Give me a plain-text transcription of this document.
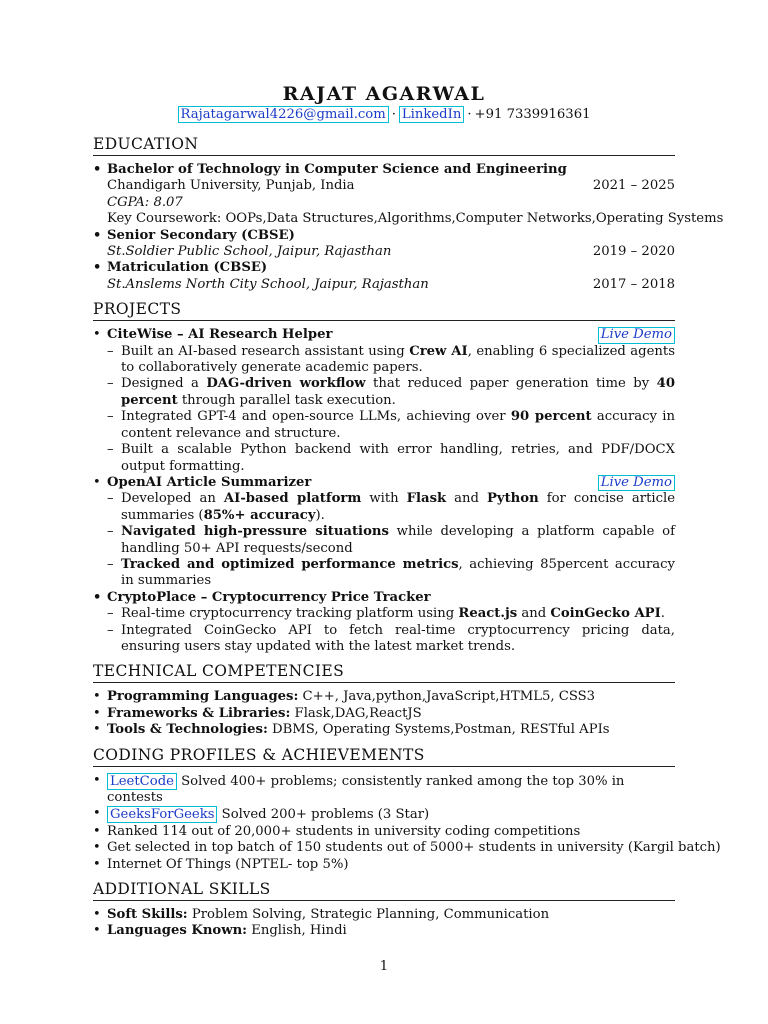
RAJAT AGARWAL
Rajatagarwal4226@gmail.com · LinkedIn · +91 7339916361
EDUCATION
• Bachelor of Technology in Computer Science and Engineering
Chandigarh University, Punjab, India	2021 – 2025
CGPA: 8.07
Key Coursework: OOPs,Data Structures,Algorithms,Computer Networks,Operating Systems
• Senior Secondary (CBSE)
St.Soldier Public School, Jaipur, Rajasthan	2019 – 2020
• Matriculation (CBSE)
St.Anslems North City School, Jaipur, Rajasthan	2017 – 2018
PROJECTS
• CiteWise – AI Research Helper	Live Demo
– Built an AI-based research assistant using Crew AI, enabling 6 specialized agents to collaboratively generate academic papers.
– Designed a DAG-driven workflow that reduced paper generation time by 40 percent through parallel task execution.
– Integrated GPT-4 and open-source LLMs, achieving over 90 percent accuracy in content relevance and structure.
– Built a scalable Python backend with error handling, retries, and PDF/DOCX output formatting.
• OpenAI Article Summarizer	Live Demo
– Developed an AI-based platform with Flask and Python for concise article summaries (85%+ accuracy).
– Navigated high-pressure situations while developing a platform capable of handling 50+ API requests/second
– Tracked and optimized performance metrics, achieving 85percent accuracy in summaries
• CryptoPlace – Cryptocurrency Price Tracker
– Real-time cryptocurrency tracking platform using React.js and CoinGecko API.
– Integrated CoinGecko API to fetch real-time cryptocurrency pricing data, ensuring users stay updated with the latest market trends.
TECHNICAL COMPETENCIES
• Programming Languages: C++, Java,python,JavaScript,HTML5, CSS3
• Frameworks & Libraries: Flask,DAG,ReactJS
• Tools & Technologies: DBMS, Operating Systems,Postman, RESTful APIs
CODING PROFILES & ACHIEVEMENTS
• LeetCode Solved 400+ problems; consistently ranked among the top 30% in contests
• GeeksForGeeks Solved 200+ problems (3 Star)
• Ranked 114 out of 20,000+ students in university coding competitions
• Get selected in top batch of 150 students out of 5000+ students in university (Kargil batch)
• Internet Of Things (NPTEL- top 5%)
ADDITIONAL SKILLS
• Soft Skills: Problem Solving, Strategic Planning, Communication
• Languages Known: English, Hindi
1
